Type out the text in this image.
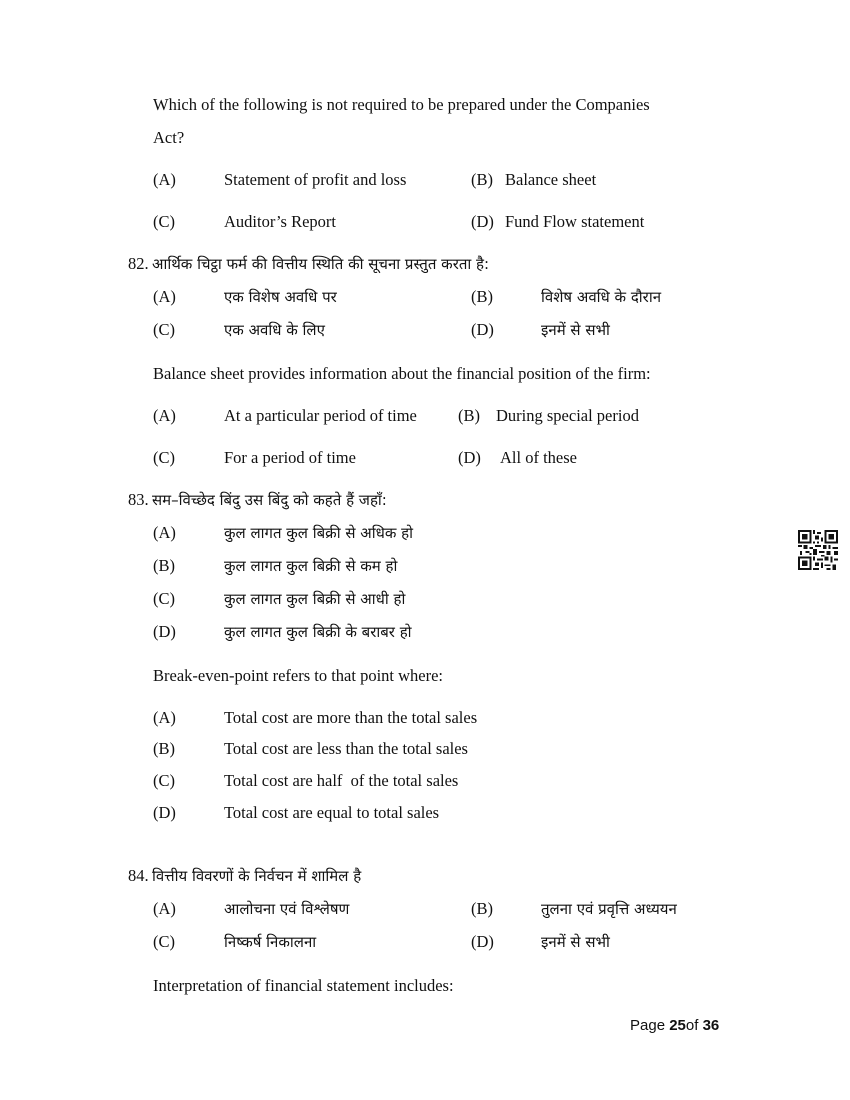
Which of the following is not required to be prepared under the Companies
Act?
(A)	Statement of profit and loss	(B) Balance sheet
(C)	Auditor’s Report	(D) Fund Flow statement
82. आर्थिक चिट्ठा फर्म की वित्तीय स्थिति की सूचना प्रस्तुत करता है:
(A)	एक विशेष अवधि पर	(B)	विशेष अवधि के दौरान
(C)	एक अवधि के लिए	(D)	इनमें से सभी
Balance sheet provides information about the financial position of the firm:
(A)	At a particular period of time (B) During special period
(C)	For a period of time	(D) All of these
83. सम–विच्छेद बिंदु उस बिंदु को कहते हैं जहाँ:
(A)	कुल लागत कुल बिक्री से अधिक हो
(B)	कुल लागत कुल बिक्री से कम हो
(C)	कुल लागत कुल बिक्री से आधी हो
(D)	कुल लागत कुल बिक्री के बराबर हो
Break-even-point refers to that point where:
(A)	Total cost are more than the total sales
(B)	Total cost are less than the total sales
(C)	Total cost are half  of the total sales
(D)	Total cost are equal to total sales
84. वित्तीय विवरणों के निर्वचन में शामिल है
(A)	आलोचना एवं विश्लेषण	(B)	तुलना एवं प्रवृत्ति अध्ययन
(C)	निष्कर्ष निकालना	(D)	इनमें से सभी
Interpretation of financial statement includes:
Page 25of 36
